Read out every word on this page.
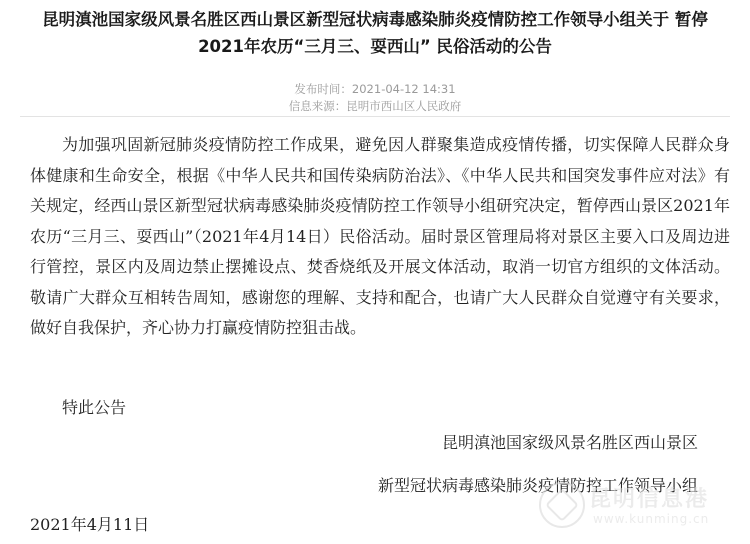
昆明滇池国家级风景名胜区西山景区新型冠状病毒感染肺炎疫情防控工作领导小组关于 暂停
2021年农历“三月三、耍西山” 民俗活动的公告
发布时间：2021-04-12 14:31
信息来源：昆明市西山区人民政府

为加强巩固新冠肺炎疫情防控工作成果，避免因人群聚集造成疫情传播，切实保障人民群众身体健康和生命安全，根据《中华人民共和国传染病防治法》、《中华人民共和国突发事件应对法》有关规定，经西山景区新型冠状病毒感染肺炎疫情防控工作领导小组研究决定，暂停西山景区2021年农历“三月三、耍西山”（2021年4月14日）民俗活动。届时景区管理局将对景区主要入口及周边进行管控，景区内及周边禁止摆摊设点、焚香烧纸及开展文体活动，取消一切官方组织的文体活动。敬请广大群众互相转告周知，感谢您的理解、支持和配合，也请广大人民群众自觉遵守有关要求，做好自我保护，齐心协力打赢疫情防控狙击战。

特此公告
昆明滇池国家级风景名胜区西山景区
新型冠状病毒感染肺炎疫情防控工作领导小组
2021年4月11日
昆明信息港
www.kunming.cn
